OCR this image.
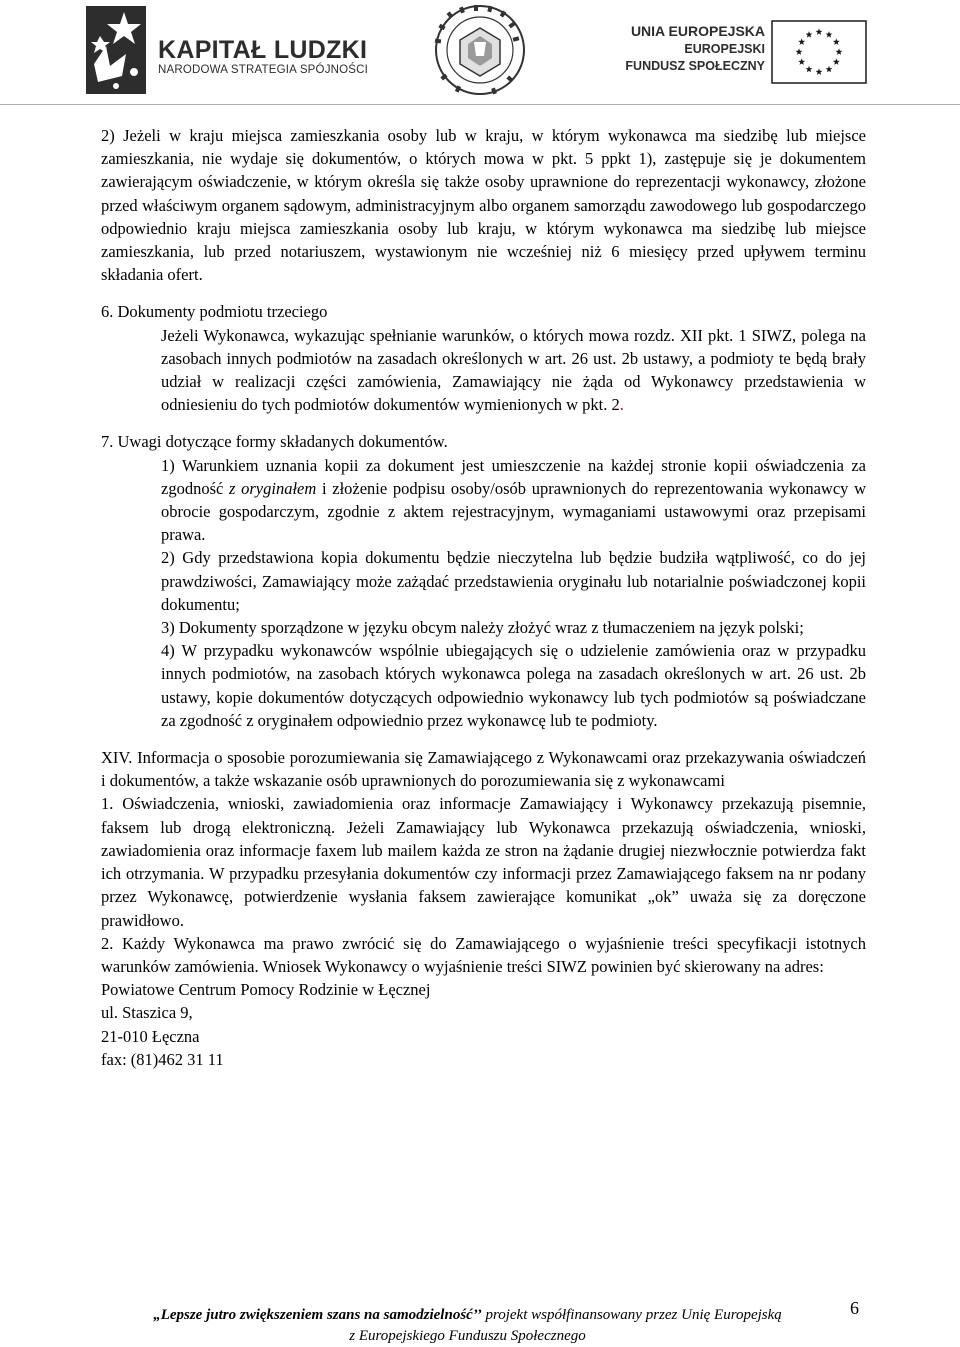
KAPITAŁ LUDZKI
NARODOWA STRATEGIA SPÓJNOŚCI
UNIA EUROPEJSKA
EUROPEJSKI
FUNDUSZ SPOŁECZNY

2) Jeżeli w kraju miejsca zamieszkania osoby lub w kraju, w którym wykonawca ma siedzibę lub miejsce zamieszkania, nie wydaje się dokumentów, o których mowa w pkt. 5 ppkt 1), zastępuje się je dokumentem zawierającym oświadczenie, w którym określa się także osoby uprawnione do reprezentacji wykonawcy, złożone przed właściwym organem sądowym, administracyjnym albo organem samorządu zawodowego lub gospodarczego odpowiednio kraju miejsca zamieszkania osoby lub kraju, w którym wykonawca ma siedzibę lub miejsce zamieszkania, lub przed notariuszem, wystawionym nie wcześniej niż 6 miesięcy przed upływem terminu składania ofert.

6. Dokumenty podmiotu trzeciego

Jeżeli Wykonawca, wykazując spełnianie warunków, o których mowa rozdz. XII pkt. 1 SIWZ, polega na zasobach innych podmiotów na zasadach określonych w art. 26 ust. 2b ustawy, a podmioty te będą brały udział w realizacji części zamówienia, Zamawiający nie żąda od Wykonawcy przedstawienia w odniesieniu do tych podmiotów dokumentów wymienionych w pkt. 2.

7. Uwagi dotyczące formy składanych dokumentów.

1) Warunkiem uznania kopii za dokument jest umieszczenie na każdej stronie kopii oświadczenia za zgodność z oryginałem i złożenie podpisu osoby/osób uprawnionych do reprezentowania wykonawcy w obrocie gospodarczym, zgodnie z aktem rejestracyjnym, wymaganiami ustawowymi oraz przepisami prawa.

2) Gdy przedstawiona kopia dokumentu będzie nieczytelna lub będzie budziła wątpliwość, co do jej prawdziwości, Zamawiający może zażądać przedstawienia oryginału lub notarialnie poświadczonej kopii dokumentu;

3) Dokumenty sporządzone w języku obcym należy złożyć wraz z tłumaczeniem na język polski;

4) W przypadku wykonawców wspólnie ubiegających się o udzielenie zamówienia oraz w przypadku innych podmiotów, na zasobach których wykonawca polega na zasadach określonych w art. 26 ust. 2b ustawy, kopie dokumentów dotyczących odpowiednio wykonawcy lub tych podmiotów są poświadczane za zgodność z oryginałem odpowiednio przez wykonawcę lub te podmioty.

XIV. Informacja o sposobie porozumiewania się Zamawiającego z Wykonawcami oraz przekazywania oświadczeń i dokumentów, a także wskazanie osób uprawnionych do porozumiewania się z wykonawcami

1. Oświadczenia, wnioski, zawiadomienia oraz informacje Zamawiający i Wykonawcy przekazują pisemnie, faksem lub drogą elektroniczną. Jeżeli Zamawiający lub Wykonawca przekazują oświadczenia, wnioski, zawiadomienia oraz informacje faxem lub mailem każda ze stron na żądanie drugiej niezwłocznie potwierdza fakt ich otrzymania. W przypadku przesyłania dokumentów czy informacji przez Zamawiającego faksem na nr podany przez Wykonawcę, potwierdzenie wysłania faksem zawierające komunikat „ok” uważa się za doręczone prawidłowo.

2. Każdy Wykonawca ma prawo zwrócić się do Zamawiającego o wyjaśnienie treści specyfikacji istotnych warunków zamówienia. Wniosek Wykonawcy o wyjaśnienie treści SIWZ powinien być skierowany na adres:

Powiatowe Centrum Pomocy Rodzinie w Łęcznej

ul. Staszica 9,

21-010 Łęczna

fax: (81)462 31 11

„Lepsze jutro zwiększeniem szans na samodzielność’’ projekt współfinansowany przez Unię Europejską
z Europejskiego Funduszu Społecznego
6
